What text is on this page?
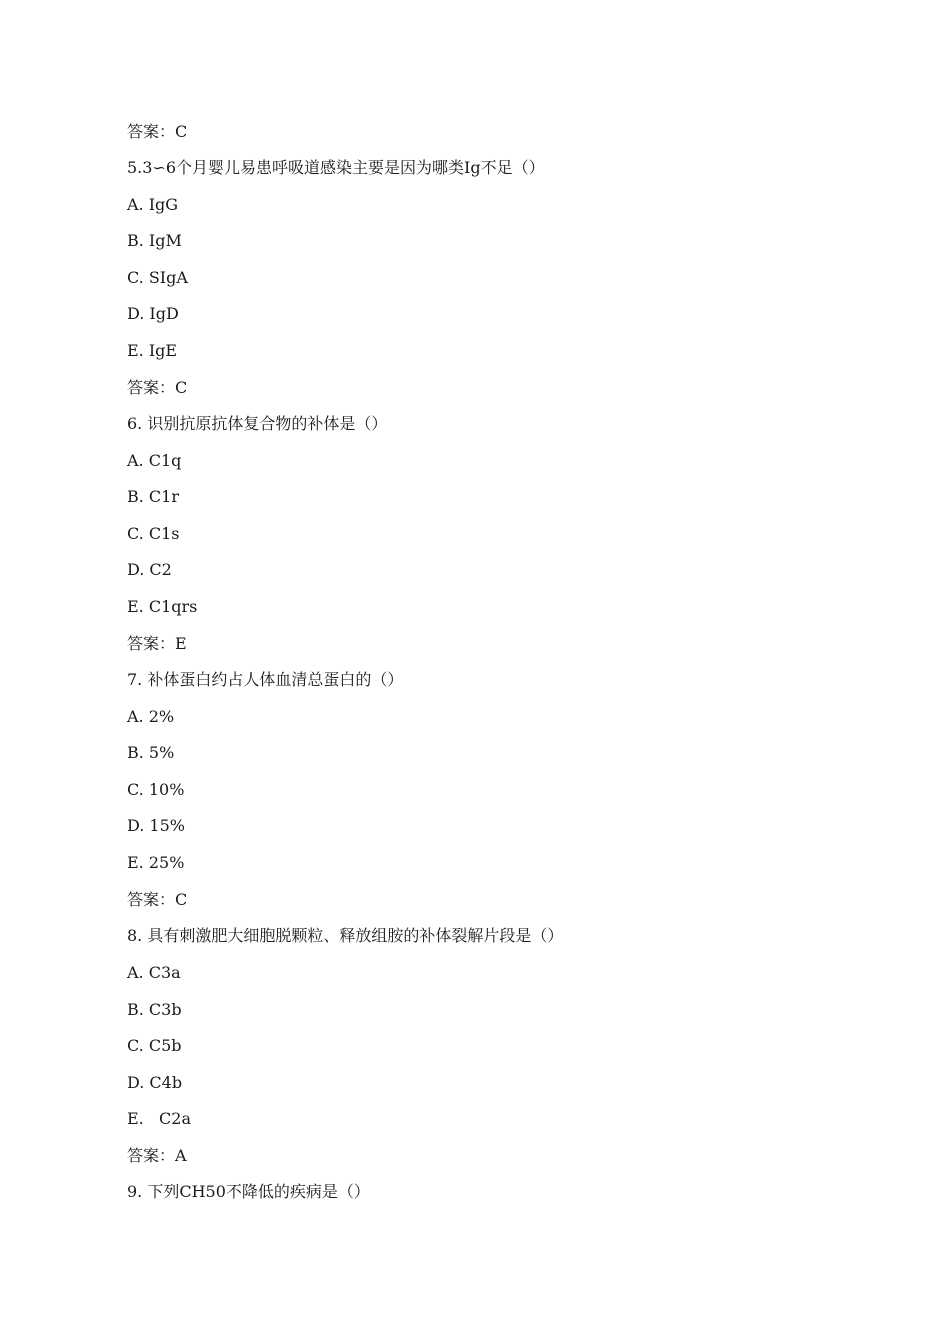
答案：C
5.3∽6个月婴儿易患呼吸道感染主要是因为哪类Ig不足（）
A. IgG
B. IgM
C. SIgA
D. IgD
E. IgE
答案：C
6. 识别抗原抗体复合物的补体是（）
A. C1q
B. C1r
C. C1s
D. C2
E. C1qrs
答案：E
7. 补体蛋白约占人体血清总蛋白的（）
A. 2%
B. 5%
C. 10%
D. 15%
E. 25%
答案：C
8. 具有刺激肥大细胞脱颗粒、释放组胺的补体裂解片段是（）
A. C3a
B. C3b
C. C5b
D. C4b
E.   C2a
答案：A
9. 下列CH50不降低的疾病是（）
